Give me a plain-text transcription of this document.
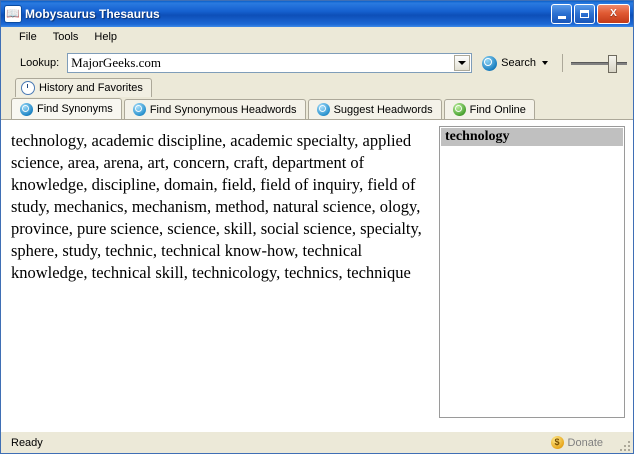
📖 Mobysaurus Thesaurus	X
File	Tools	Help
Lookup:
MajorGeeks.com	Search
History and Favorites
Find Synonyms	Find Synonymous Headwords	Suggest Headwords	Find Online
technology, academic discipline, academic specialty, applied science, area, arena, art, concern, craft, department of knowledge, discipline, domain, field, field of inquiry, field of study, mechanics, mechanism, method, natural science, ology, province, pure science, science, skill, social science, specialty, sphere, study, technic, technical know-how, technical knowledge, technical skill, technicology, technics, technique
technology
Ready	$ Donate
